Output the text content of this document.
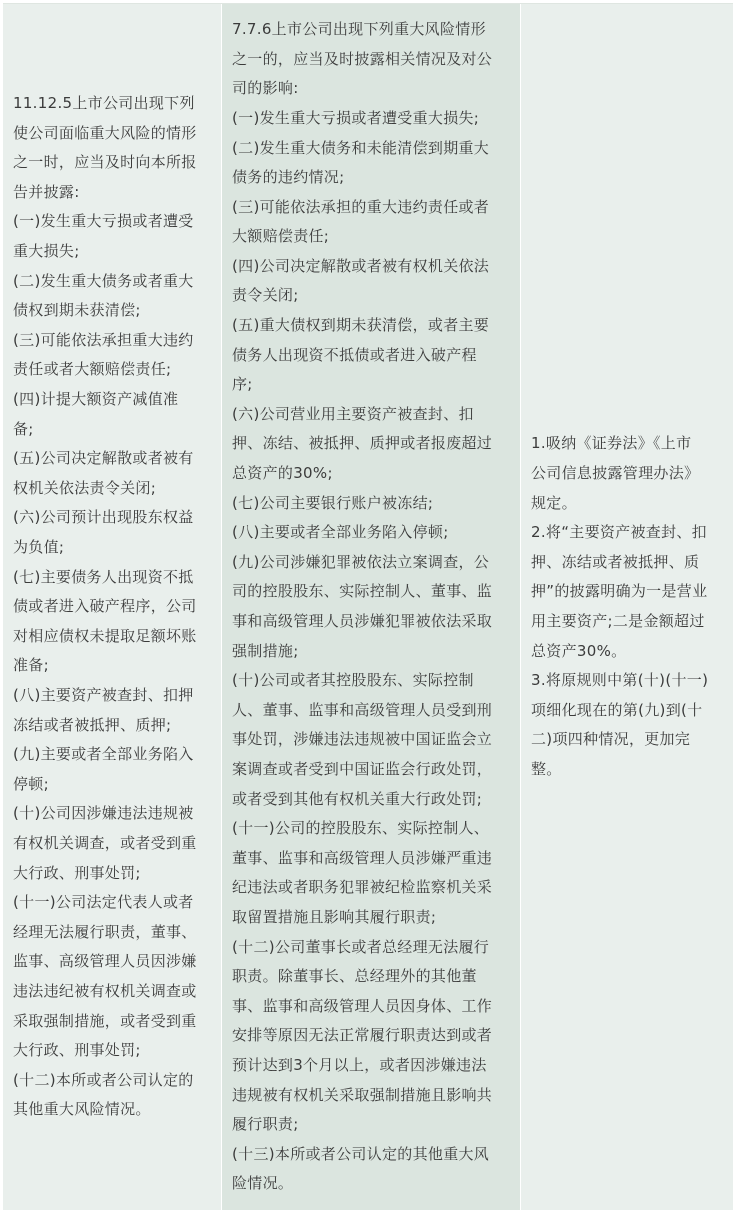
11.12.5上市公司出现下列
使公司面临重大风险的情形
之一时，应当及时向本所报
告并披露:
(一)发生重大亏损或者遭受
重大损失;
(二)发生重大债务或者重大
债权到期未获清偿;
(三)可能依法承担重大违约
责任或者大额赔偿责任;
(四)计提大额资产减值准
备;
(五)公司决定解散或者被有
权机关依法责令关闭;
(六)公司预计出现股东权益
为负值;
(七)主要债务人出现资不抵
债或者进入破产程序，公司
对相应债权未提取足额坏账
准备;
(八)主要资产被查封、扣押
冻结或者被抵押、质押;
(九)主要或者全部业务陷入
停顿;
(十)公司因涉嫌违法违规被
有权机关调查，或者受到重
大行政、刑事处罚;
(十一)公司法定代表人或者
经理无法履行职责，董事、
监事、高级管理人员因涉嫌
违法违纪被有权机关调查或
采取强制措施，或者受到重
大行政、刑事处罚;
(十二)本所或者公司认定的
其他重大风险情况。
7.7.6上市公司出现下列重大风险情形
之一的，应当及时披露相关情况及对公
司的影响:
(一)发生重大亏损或者遭受重大损失;
(二)发生重大债务和未能清偿到期重大
债务的违约情况;
(三)可能依法承担的重大违约责任或者
大额赔偿责任;
(四)公司决定解散或者被有权机关依法
责令关闭;
(五)重大债权到期未获清偿，或者主要
债务人出现资不抵债或者进入破产程
序;
(六)公司营业用主要资产被查封、扣
押、冻结、被抵押、质押或者报废超过
总资产的30%;
(七)公司主要银行账户被冻结;
(八)主要或者全部业务陷入停顿;
(九)公司涉嫌犯罪被依法立案调查，公
司的控股股东、实际控制人、董事、监
事和高级管理人员涉嫌犯罪被依法采取
强制措施;
(十)公司或者其控股股东、实际控制
人、董事、监事和高级管理人员受到刑
事处罚，涉嫌违法违规被中国证监会立
案调查或者受到中国证监会行政处罚，
或者受到其他有权机关重大行政处罚;
(十一)公司的控股股东、实际控制人、
董事、监事和高级管理人员涉嫌严重违
纪违法或者职务犯罪被纪检监察机关采
取留置措施且影响其履行职责;
(十二)公司董事长或者总经理无法履行
职责。除董事长、总经理外的其他董
事、监事和高级管理人员因身体、工作
安排等原因无法正常履行职责达到或者
预计达到3个月以上，或者因涉嫌违法
违规被有权机关采取强制措施且影响共
履行职责;
(十三)本所或者公司认定的其他重大风
险情况。
1.吸纳《证券法》《上市
公司信息披露管理办法》
规定。
2.将“主要资产被查封、扣
押、冻结或者被抵押、质
押”的披露明确为一是营业
用主要资产;二是金额超过
总资产30%。
3.将原规则中第(十)(十一)
项细化现在的第(九)到(十
二)项四种情况，更加完
整。
